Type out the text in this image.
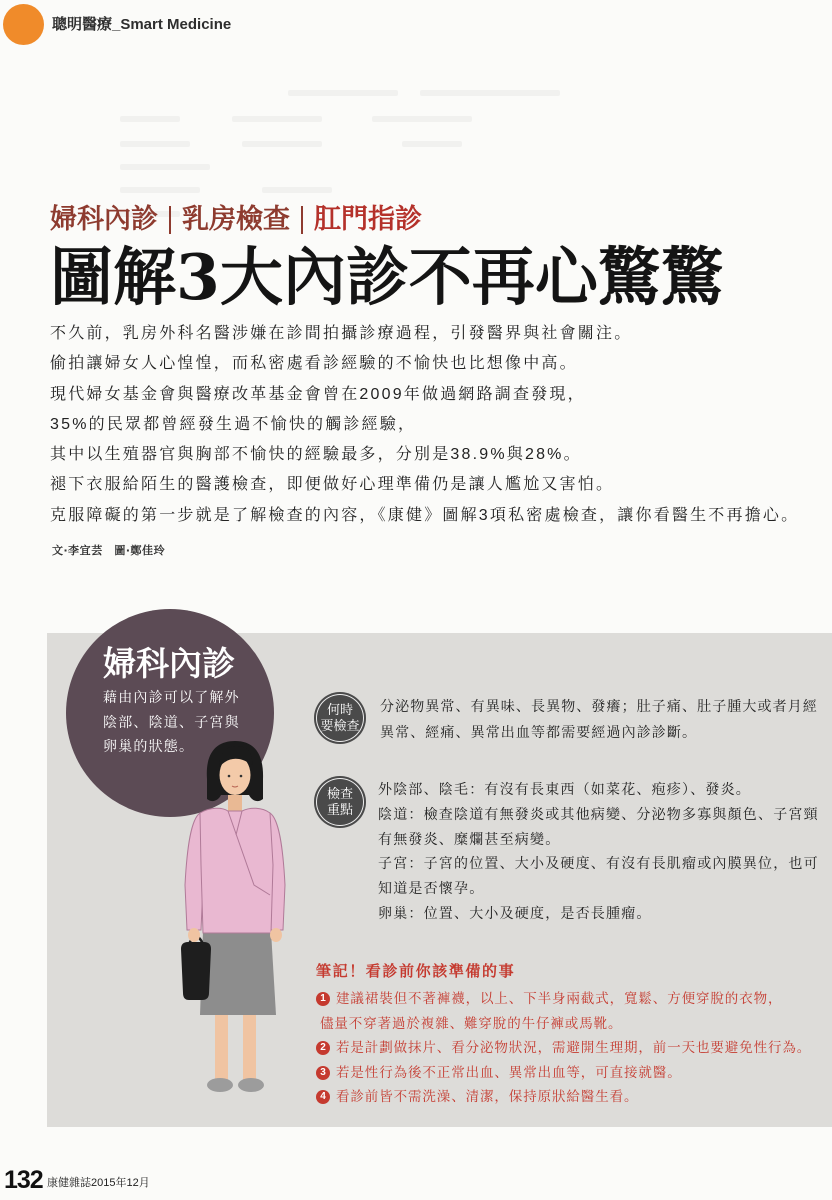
聰明醫療_Smart Medicine
婦科內診 乳房檢查 肛門指診
圖解3大內診不再心驚驚
不久前，乳房外科名醫涉嫌在診間拍攝診療過程，引發醫界與社會關注。
偷拍讓婦女人心惶惶，而私密處看診經驗的不愉快也比想像中高。
現代婦女基金會與醫療改革基金會曾在2009年做過網路調查發現，
35%的民眾都曾經發生過不愉快的觸診經驗，
其中以生殖器官與胸部不愉快的經驗最多，分別是38.9%與28%。
褪下衣服給陌生的醫護檢查，即便做好心理準備仍是讓人尷尬又害怕。
克服障礙的第一步就是了解檢查的內容，《康健》圖解3項私密處檢查，讓你看醫生不再擔心。
文‧李宜芸　圖‧鄭佳玲
婦科內診
藉由內診可以了解外
陰部、陰道、子宮與
卵巢的狀態。
何時
要檢查
分泌物異常、有異味、長異物、發癢；肚子痛、肚子腫大或者月經
異常、經痛、異常出血等都需要經過內診診斷。
檢查
重點
外陰部、陰毛：有沒有長東西（如菜花、疱疹）、發炎。
陰道：檢查陰道有無發炎或其他病變、分泌物多寡與顏色、子宮頸
有無發炎、糜爛甚至病變。
子宮：子宮的位置、大小及硬度、有沒有長肌瘤或內膜異位，也可
知道是否懷孕。
卵巢：位置、大小及硬度，是否長腫瘤。
筆記！看診前你該準備的事
1 建議裙裝但不著褲襪，以上、下半身兩截式，寬鬆、方便穿脫的衣物，
儘量不穿著過於複雜、難穿脫的牛仔褲或馬靴。
2 若是計劃做抹片、看分泌物狀況，需避開生理期，前一天也要避免性行為。
3 若是性行為後不正常出血、異常出血等，可直接就醫。
4 看診前皆不需洗澡、清潔，保持原狀給醫生看。
132 康健雜誌2015年12月
